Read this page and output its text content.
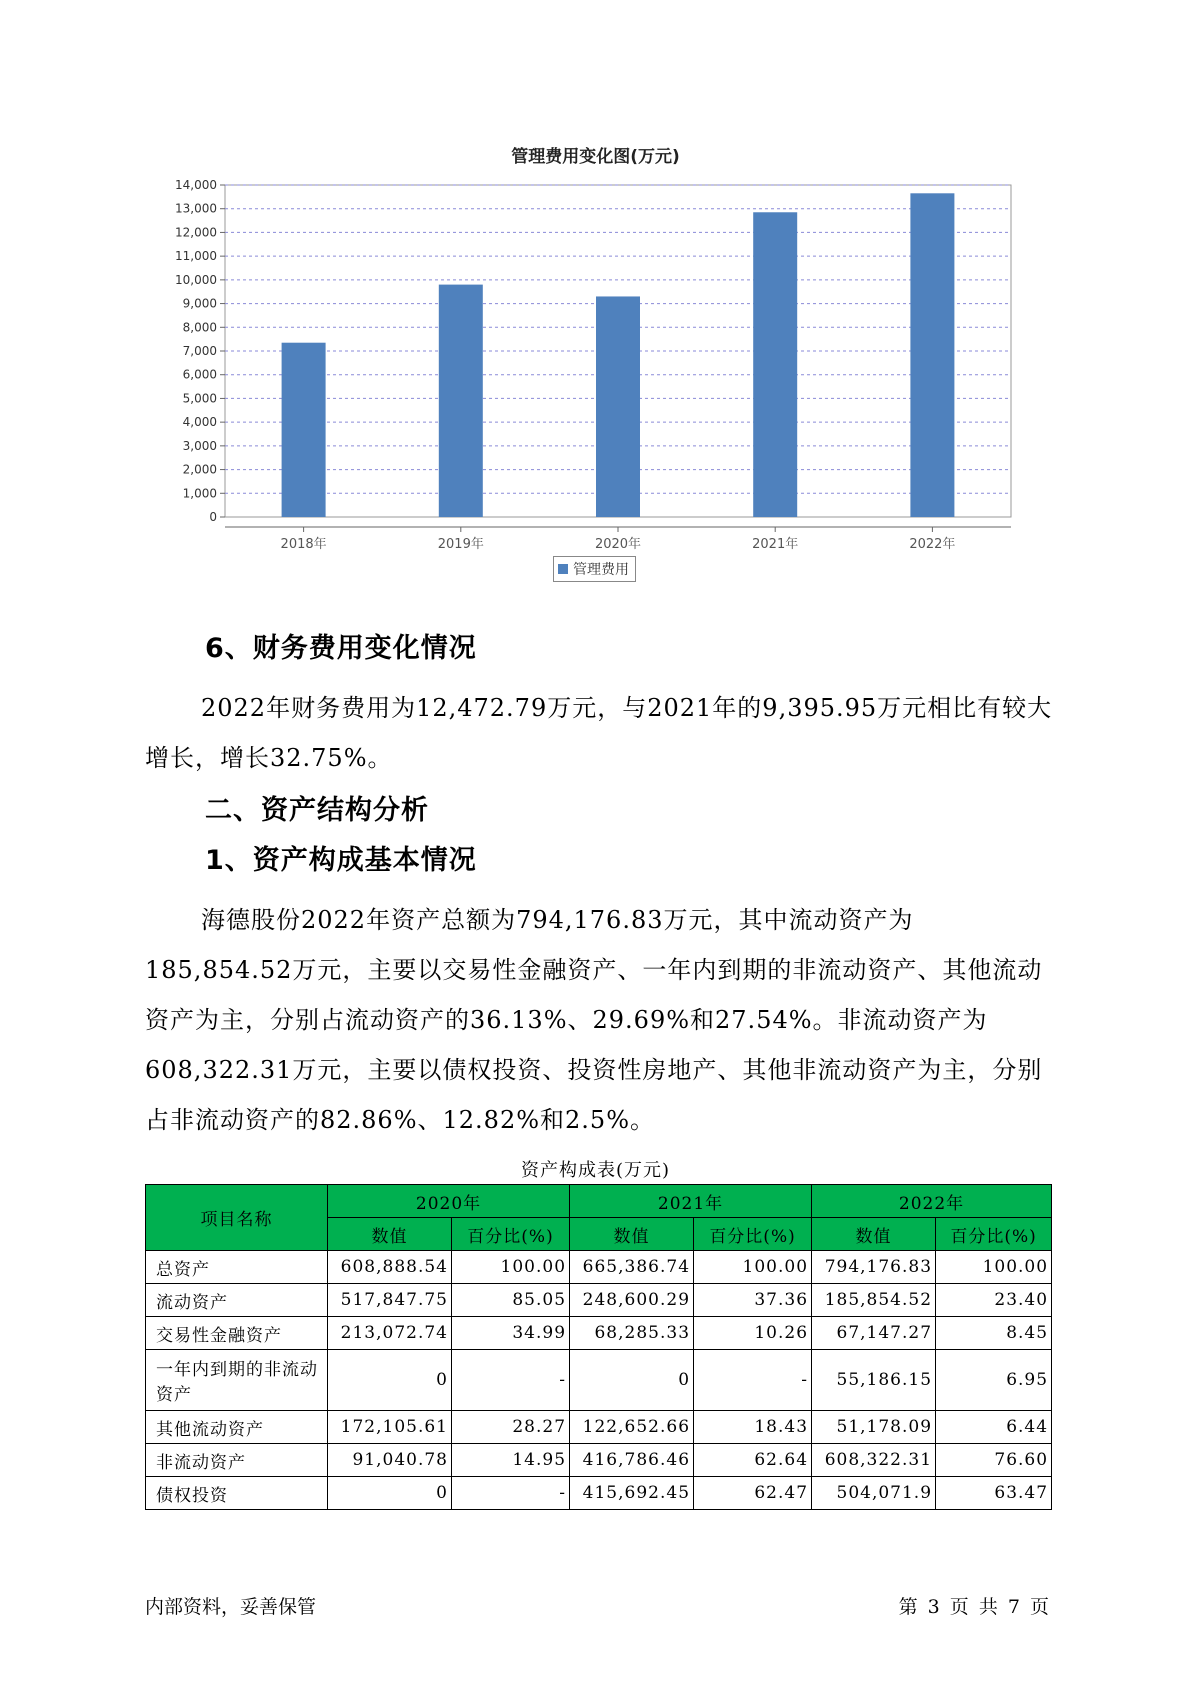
管理费用变化图(万元)
0
1,000
2,000
3,000
4,000
5,000
6,000
7,000
8,000
9,000
10,000
11,000
12,000
13,000
14,000
2018年	2019年	2020年	2021年	2022年
管理费用
6、财务费用变化情况
2022年财务费用为12,472.79万元，与2021年的9,395.95万元相比有较大增长，增长32.75%。
二、资产结构分析
1、资产构成基本情况
海德股份2022年资产总额为794,176.83万元，其中流动资产为185,854.52万元，主要以交易性金融资产、一年内到期的非流动资产、其他流动资产为主，分别占流动资产的36.13%、29.69%和27.54%。非流动资产为608,322.31万元，主要以债权投资、投资性房地产、其他非流动资产为主，分别占非流动资产的82.86%、12.82%和2.5%。
资产构成表(万元)
项目名称	2020年		2021年		2022年	
	数值	百分比(%)	数值	百分比(%)	数值	百分比(%)
总资产	608,888.54	100.00	665,386.74	100.00	794,176.83	100.00
流动资产	517,847.75	85.05	248,600.29	37.36	185,854.52	23.40
交易性金融资产	213,072.74	34.99	68,285.33	10.26	67,147.27	8.45
一年内到期的非流动资产	0	-	0	-	55,186.15	6.95
其他流动资产	172,105.61	28.27	122,652.66	18.43	51,178.09	6.44
非流动资产	91,040.78	14.95	416,786.46	62.64	608,322.31	76.60
债权投资	0	-	415,692.45	62.47	504,071.9	63.47
内部资料，妥善保管	第 3 页 共 7 页
